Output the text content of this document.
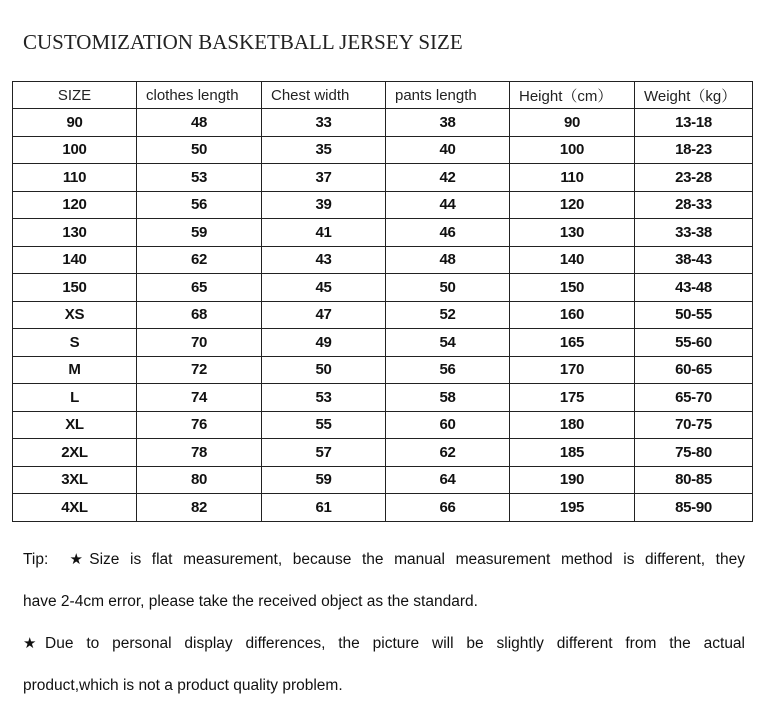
CUSTOMIZATION BASKETBALL JERSEY SIZE
SIZE	clothes length	Chest width	pants length	Height（cm）	Weight（kg）
90	48	33	38	90	13-18
100	50	35	40	100	18-23
110	53	37	42	110	23-28
120	56	39	44	120	28-33
130	59	41	46	130	33-38
140	62	43	48	140	38-43
150	65	45	50	150	43-48
XS	68	47	52	160	50-55
S	70	49	54	165	55-60
M	72	50	56	170	60-65
L	74	53	58	175	65-70
XL	76	55	60	180	70-75
2XL	78	57	62	185	75-80
3XL	80	59	64	190	80-85
4XL	82	61	66	195	85-90

Tip: ★Size is flat measurement, because the manual measurement method is different, they

have 2-4cm error, please take the received object as the standard.

★Due to personal display differences, the picture will be slightly different from the actual

product,which is not a product quality problem.
